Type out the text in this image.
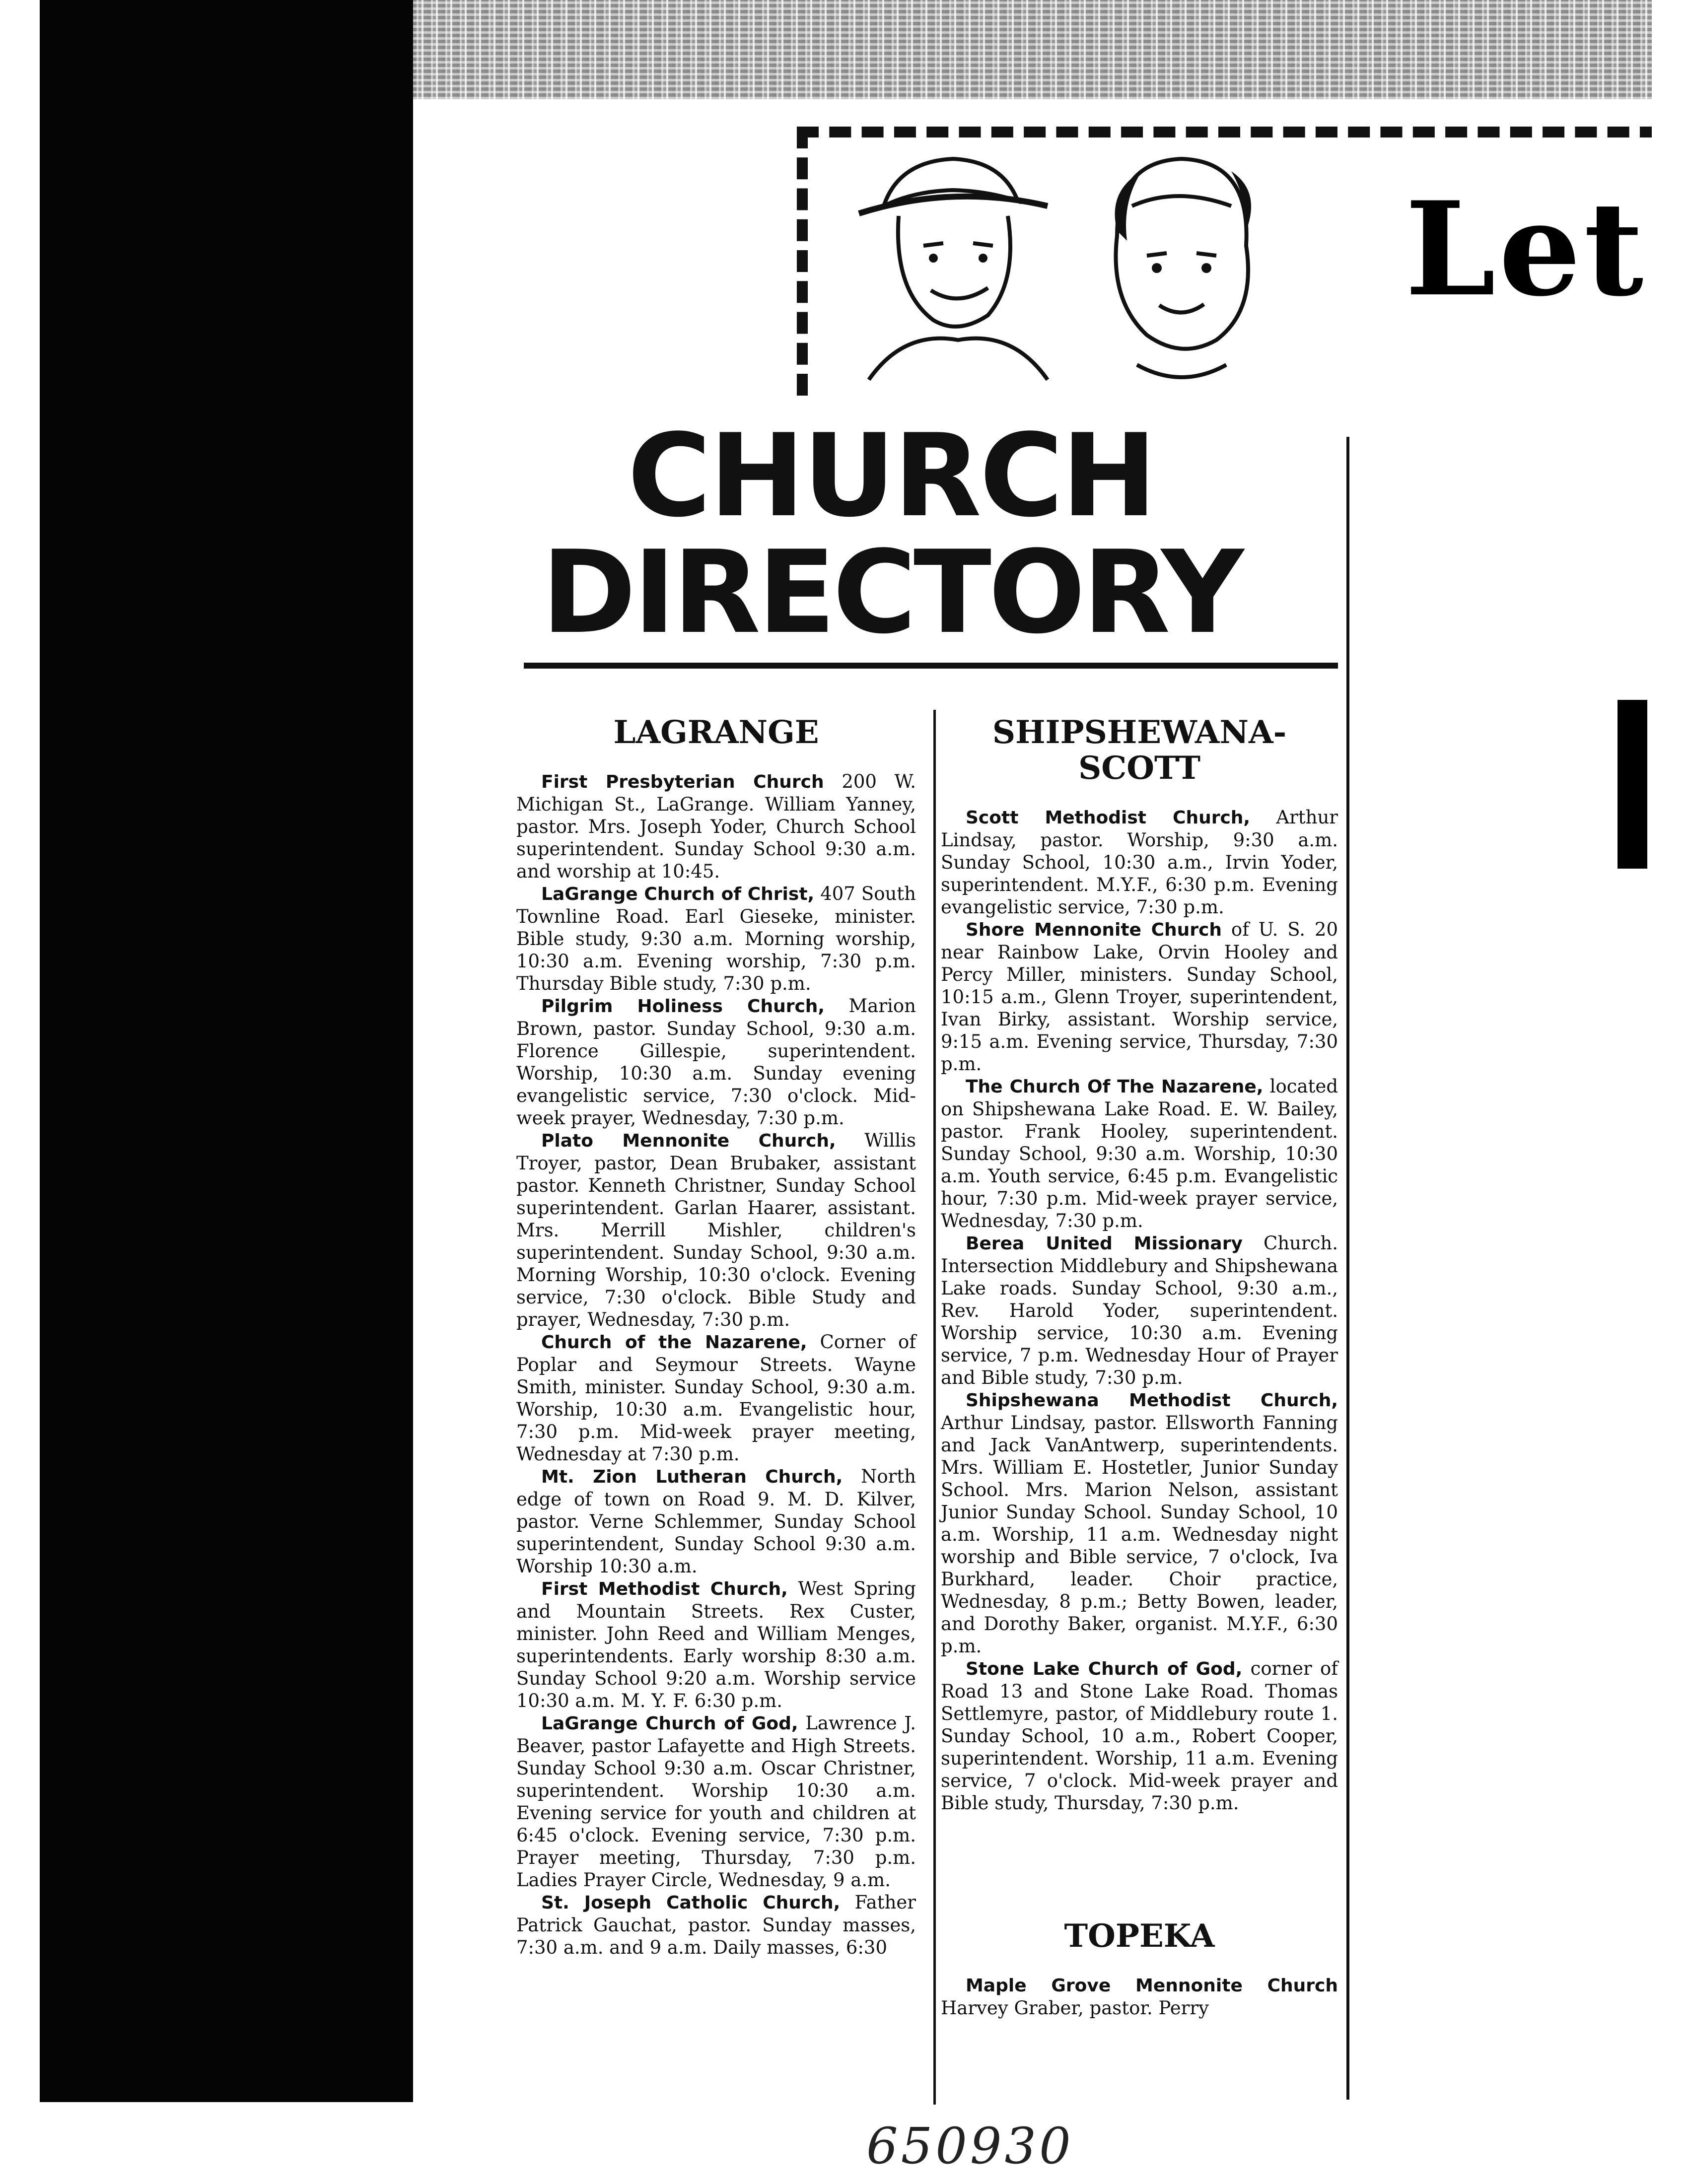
Let
CHURCH
DIRECTORY
LAGRANGE

First Presbyterian Church 200 W. Michigan St., LaGrange. William Yanney, pastor. Mrs. Joseph Yoder, Church School superintendent. Sunday School 9:30 a.m. and worship at 10:45.

LaGrange Church of Christ, 407 South Townline Road. Earl Gieseke, minister. Bible study, 9:30 a.m. Morning worship, 10:30 a.m. Evening worship, 7:30 p.m. Thursday Bible study, 7:30 p.m.

Pilgrim Holiness Church, Marion Brown, pastor. Sunday School, 9:30 a.m. Florence Gillespie, superintendent. Worship, 10:30 a.m. Sunday evening evangelistic service, 7:30 o'clock. Mid-week prayer, Wednesday, 7:30 p.m.

Plato Mennonite Church, Willis Troyer, pastor, Dean Brubaker, assistant pastor. Kenneth Christner, Sunday School superintendent. Garlan Haarer, assistant. Mrs. Merrill Mishler, children's superintendent. Sunday School, 9:30 a.m. Morning Worship, 10:30 o'clock. Evening service, 7:30 o'clock. Bible Study and prayer, Wednesday, 7:30 p.m.

Church of the Nazarene, Corner of Poplar and Seymour Streets. Wayne Smith, minister. Sunday School, 9:30 a.m. Worship, 10:30 a.m. Evangelistic hour, 7:30 p.m. Mid-week prayer meeting, Wednesday at 7:30 p.m.

Mt. Zion Lutheran Church, North edge of town on Road 9. M. D. Kilver, pastor. Verne Schlemmer, Sunday School superintendent, Sunday School 9:30 a.m. Worship 10:30 a.m.

First Methodist Church, West Spring and Mountain Streets. Rex Custer, minister. John Reed and William Menges, superintendents. Early worship 8:30 a.m. Sunday School 9:20 a.m. Worship service 10:30 a.m. M. Y. F. 6:30 p.m.

LaGrange Church of God, Lawrence J. Beaver, pastor Lafayette and High Streets. Sunday School 9:30 a.m. Oscar Christner, superintendent. Worship 10:30 a.m. Evening service for youth and children at 6:45 o'clock. Evening service, 7:30 p.m. Prayer meeting, Thursday, 7:30 p.m. Ladies Prayer Circle, Wednesday, 9 a.m.

St. Joseph Catholic Church, Father Patrick Gauchat, pastor. Sunday masses, 7:30 a.m. and 9 a.m. Daily masses, 6:30

SHIPSHEWANA-SCOTT

Scott Methodist Church, Arthur Lindsay, pastor. Worship, 9:30 a.m. Sunday School, 10:30 a.m., Irvin Yoder, superintendent. M.Y.F., 6:30 p.m. Evening evangelistic service, 7:30 p.m.

Shore Mennonite Church of U. S. 20 near Rainbow Lake, Orvin Hooley and Percy Miller, ministers. Sunday School, 10:15 a.m., Glenn Troyer, superintendent, Ivan Birky, assistant. Worship service, 9:15 a.m. Evening service, Thursday, 7:30 p.m.

The Church Of The Nazarene, located on Shipshewana Lake Road. E. W. Bailey, pastor. Frank Hooley, superintendent. Sunday School, 9:30 a.m. Worship, 10:30 a.m. Youth service, 6:45 p.m. Evangelistic hour, 7:30 p.m. Mid-week prayer service, Wednesday, 7:30 p.m.

Berea United Missionary Church. Intersection Middlebury and Shipshewana Lake roads. Sunday School, 9:30 a.m., Rev. Harold Yoder, superintendent. Worship service, 10:30 a.m. Evening service, 7 p.m. Wednesday Hour of Prayer and Bible study, 7:30 p.m.

Shipshewana Methodist Church, Arthur Lindsay, pastor. Ellsworth Fanning and Jack VanAntwerp, superintendents. Mrs. William E. Hostetler, Junior Sunday School. Mrs. Marion Nelson, assistant Junior Sunday School. Sunday School, 10 a.m. Worship, 11 a.m. Wednesday night worship and Bible service, 7 o'clock, Iva Burkhard, leader. Choir practice, Wednesday, 8 p.m.; Betty Bowen, leader, and Dorothy Baker, organist. M.Y.F., 6:30 p.m.

Stone Lake Church of God, corner of Road 13 and Stone Lake Road. Thomas Settlemyre, pastor, of Middlebury route 1. Sunday School, 10 a.m., Robert Cooper, superintendent. Worship, 11 a.m. Evening service, 7 o'clock. Mid-week prayer and Bible study, Thursday, 7:30 p.m.

TOPEKA

Maple Grove Mennonite Church Harvey Graber, pastor. Perry

650930
